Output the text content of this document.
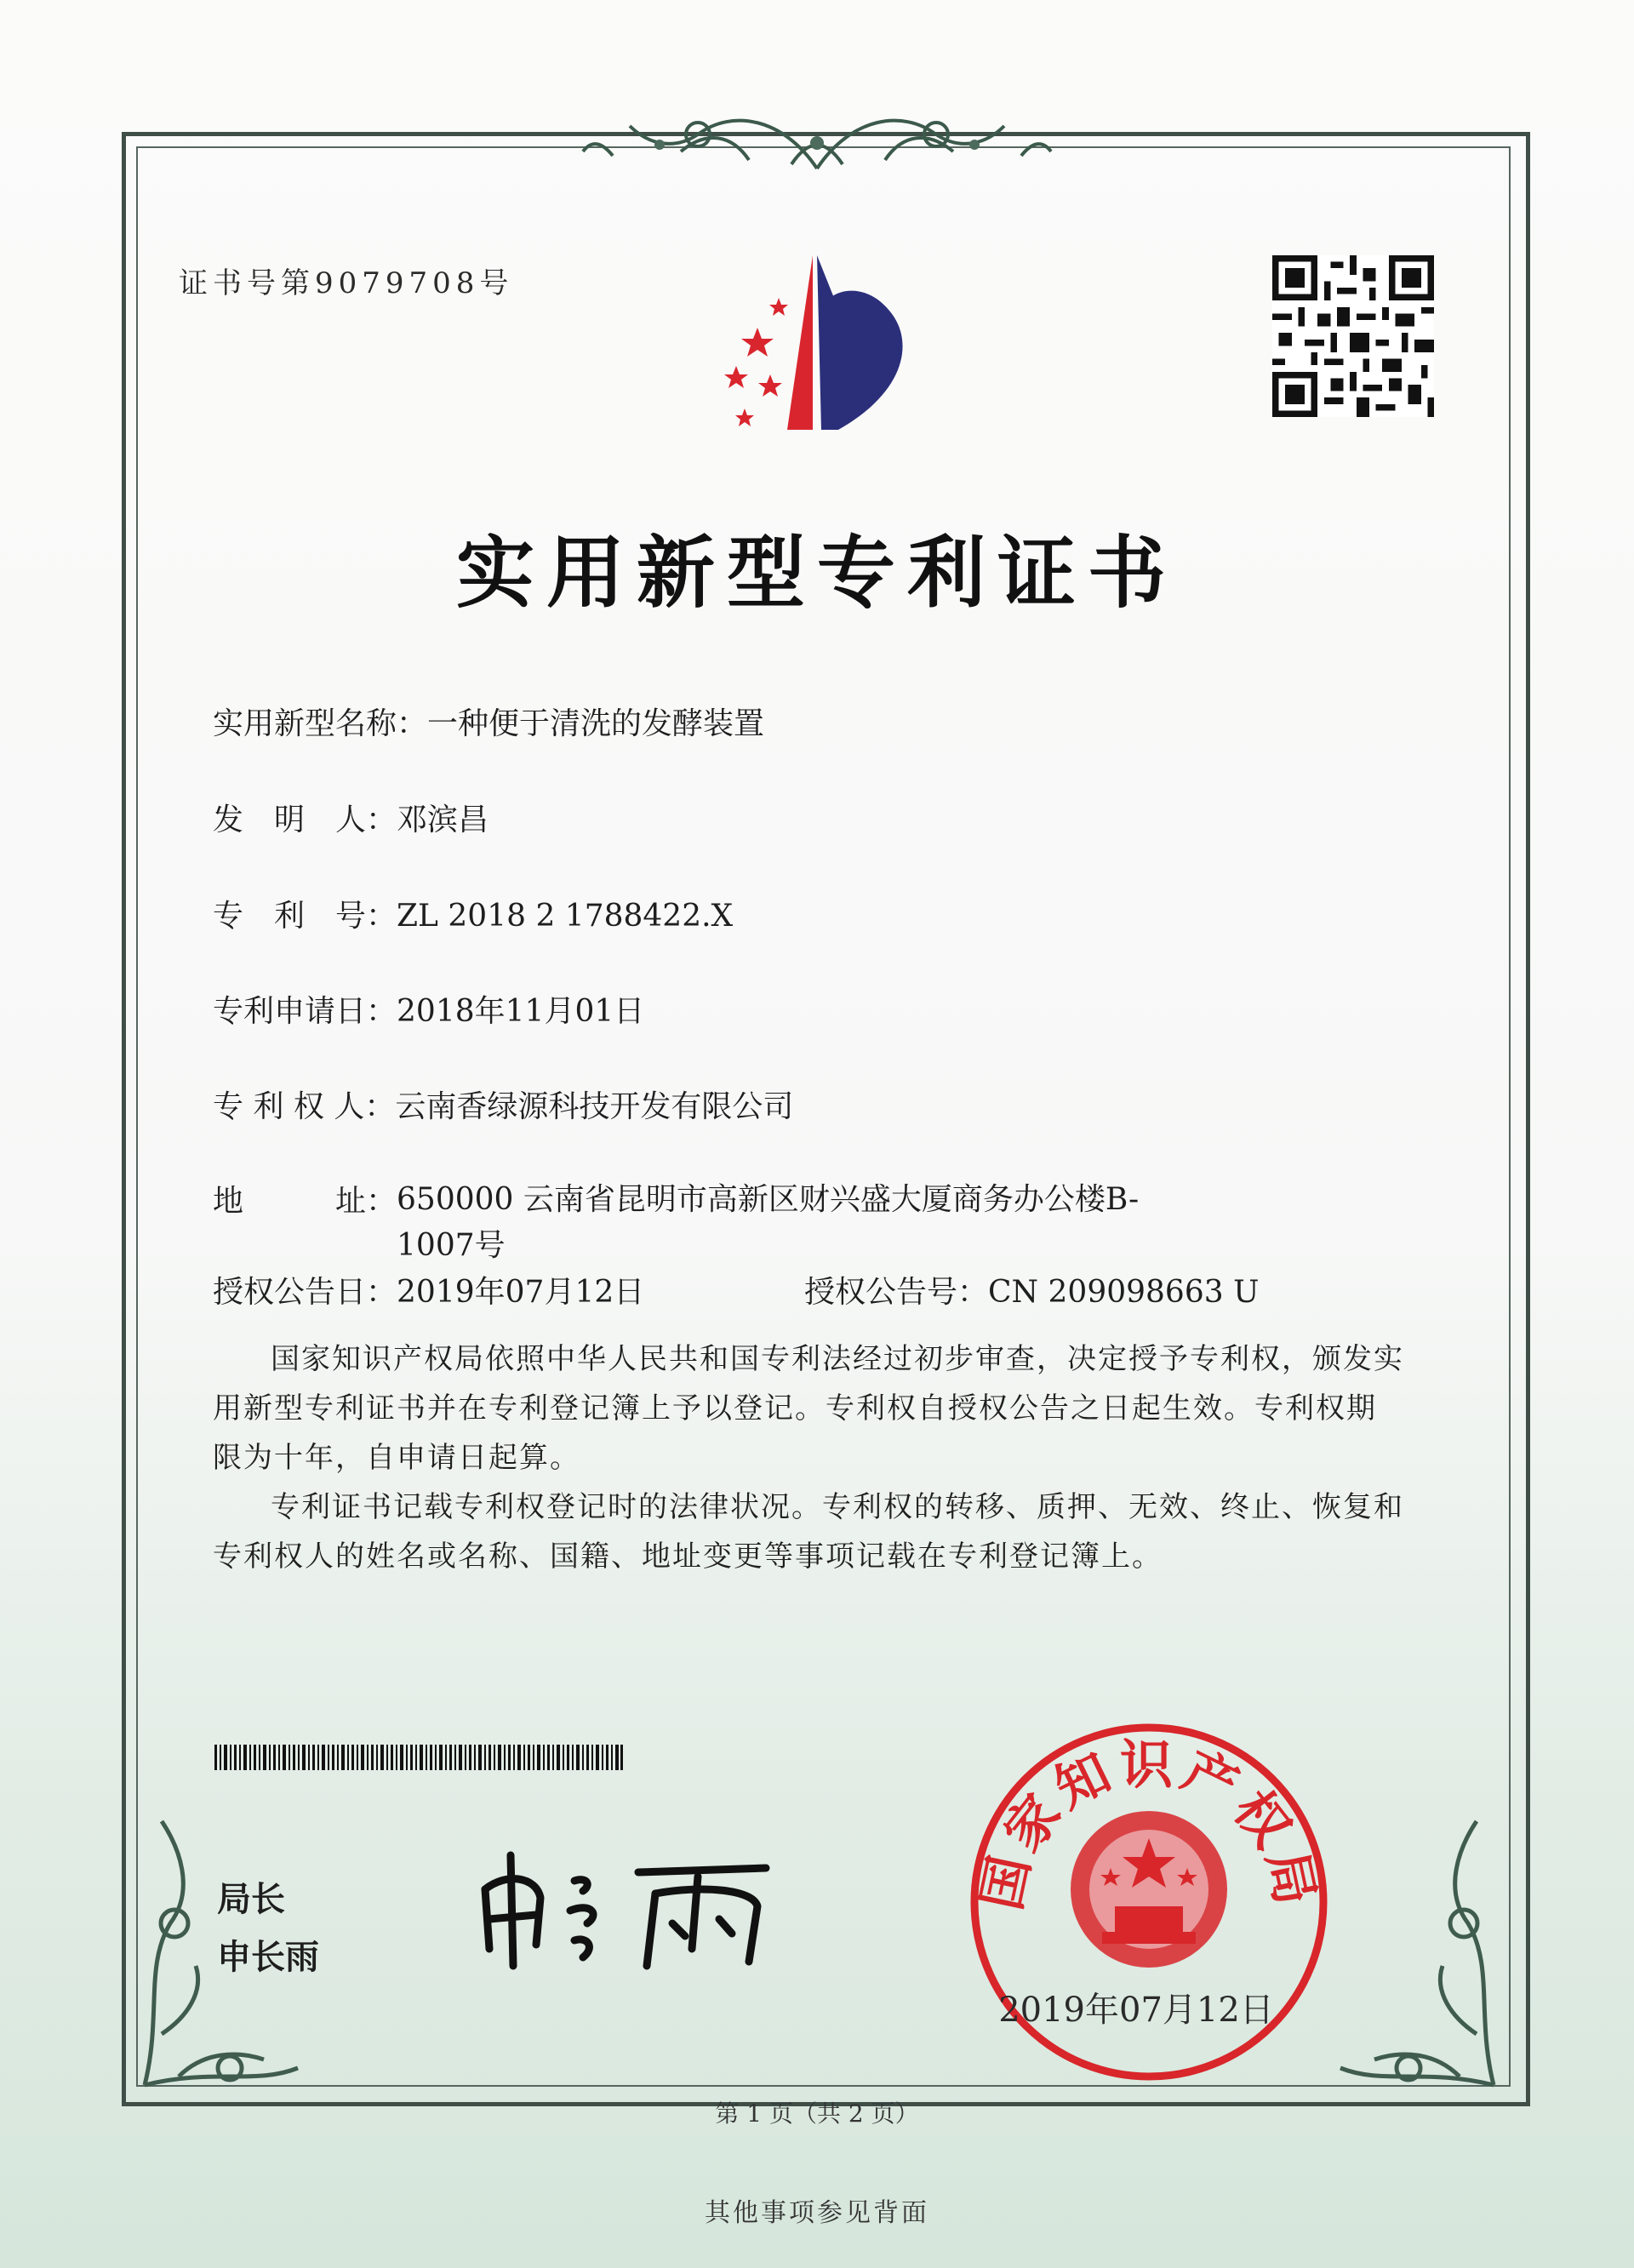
证书号第9079708号
实用新型专利证书
实用新型名称：一种便于清洗的发酵装置
发　明　人：邓滨昌
专　利　号：ZL 2018 2 1788422.X
专利申请日：2018年11月01日
专 利 权 人：云南香绿源科技开发有限公司
地　　　址：650000 云南省昆明市高新区财兴盛大厦商务办公楼B-1007号
授权公告日：2019年07月12日	授权公告号：CN 209098663 U

国家知识产权局依照中华人民共和国专利法经过初步审查，决定授予专利权，颁发实用新型专利证书并在专利登记簿上予以登记。专利权自授权公告之日起生效。专利权期限为十年，自申请日起算。

专利证书记载专利权登记时的法律状况。专利权的转移、质押、无效、终止、恢复和专利权人的姓名或名称、国籍、地址变更等事项记载在专利登记簿上。

局长
申长雨
国家知识产权局
2019年07月12日
第 1 页（共 2 页）
其他事项参见背面
